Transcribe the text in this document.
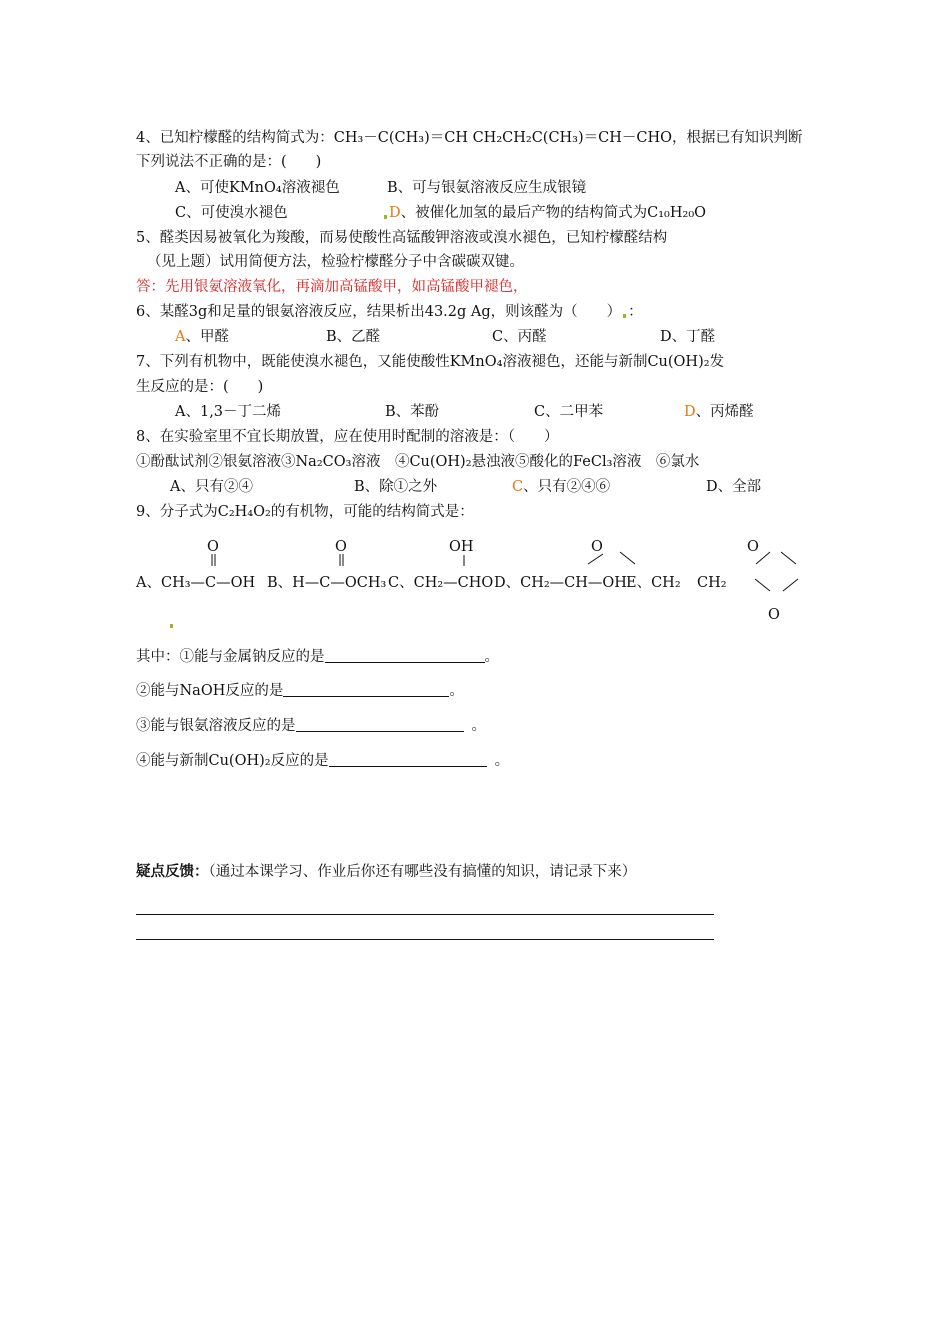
4、已知柠檬醛的结构简式为：CH₃－C(CH₃)＝CH CH₂CH₂C(CH₃)＝CH－CHO，根据已有知识判断
下列说法不正确的是：(　　)
A、可使KMnO₄溶液褪色	B、可与银氨溶液反应生成银镜
C、可使溴水褪色	D、被催化加氢的最后产物的结构简式为C₁₀H₂₀O
5、醛类因易被氧化为羧酸，而易使酸性高锰酸钾溶液或溴水褪色，已知柠檬醛结构
（见上题）试用简便方法，检验柠檬醛分子中含碳碳双键。
答：先用银氨溶液氧化，再滴加高锰酸甲，如高锰酸甲褪色，
6、某醛3g和足量的银氨溶液反应，结果析出43.2g Ag，则该醛为（　　） ：
A、甲醛	B、乙醛	C、丙醛	D、丁醛
7、下列有机物中，既能使溴水褪色，又能使酸性KMnO₄溶液褪色，还能与新制Cu(OH)₂发
生反应的是：(　　)
A、1,3－丁二烯	B、苯酚	C、二甲苯	D、丙烯醛
8、在实验室里不宜长期放置，应在使用时配制的溶液是：（　　）
①酚酞试剂②银氨溶液③Na₂CO₃溶液　④Cu(OH)₂悬浊液⑤酸化的FeCl₃溶液　⑥氯水
A、只有②④	B、除①之外	C、只有②④⑥	D、全部
9、分子式为C₂H₄O₂的有机物，可能的结构简式是：
O	O	OH	O	O
A、CH₃—C—OH B、H—C—OCH₃ C、CH₂—CHO D、CH₂—CH—OH E、CH₂ CH₂
O
其中：①能与金属钠反应的是	。
②能与NaOH反应的是	。
③能与银氨溶液反应的是	。
④能与新制Cu(OH)₂反应的是	。
疑点反馈：（通过本课学习、作业后你还有哪些没有搞懂的知识，请记录下来）
